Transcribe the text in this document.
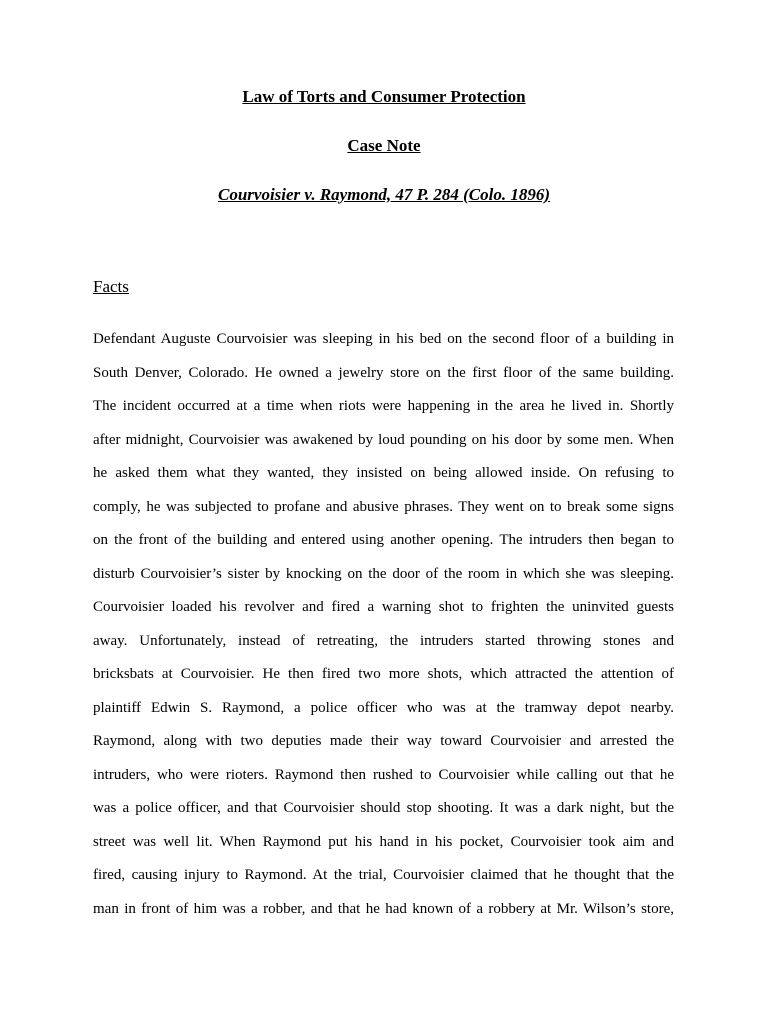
Law of Torts and Consumer Protection
Case Note
Courvoisier v. Raymond, 47 P. 284 (Colo. 1896)
Facts
Defendant Auguste Courvoisier was sleeping in his bed on the second floor of a building in
South Denver, Colorado. He owned a jewelry store on the first floor of the same building.
The incident occurred at a time when riots were happening in the area he lived in. Shortly
after midnight, Courvoisier was awakened by loud pounding on his door by some men. When
he asked them what they wanted, they insisted on being allowed inside. On refusing to
comply, he was subjected to profane and abusive phrases. They went on to break some signs
on the front of the building and entered using another opening. The intruders then began to
disturb Courvoisier’s sister by knocking on the door of the room in which she was sleeping.
Courvoisier loaded his revolver and fired a warning shot to frighten the uninvited guests
away. Unfortunately, instead of retreating, the intruders started throwing stones and
bricksbats at Courvoisier. He then fired two more shots, which attracted the attention of
plaintiff Edwin S. Raymond, a police officer who was at the tramway depot nearby.
Raymond, along with two deputies made their way toward Courvoisier and arrested the
intruders, who were rioters. Raymond then rushed to Courvoisier while calling out that he
was a police officer, and that Courvoisier should stop shooting. It was a dark night, but the
street was well lit. When Raymond put his hand in his pocket, Courvoisier took aim and
fired, causing injury to Raymond. At the trial, Courvoisier claimed that he thought that the
man in front of him was a robber, and that he had known of a robbery at Mr. Wilson’s store,
